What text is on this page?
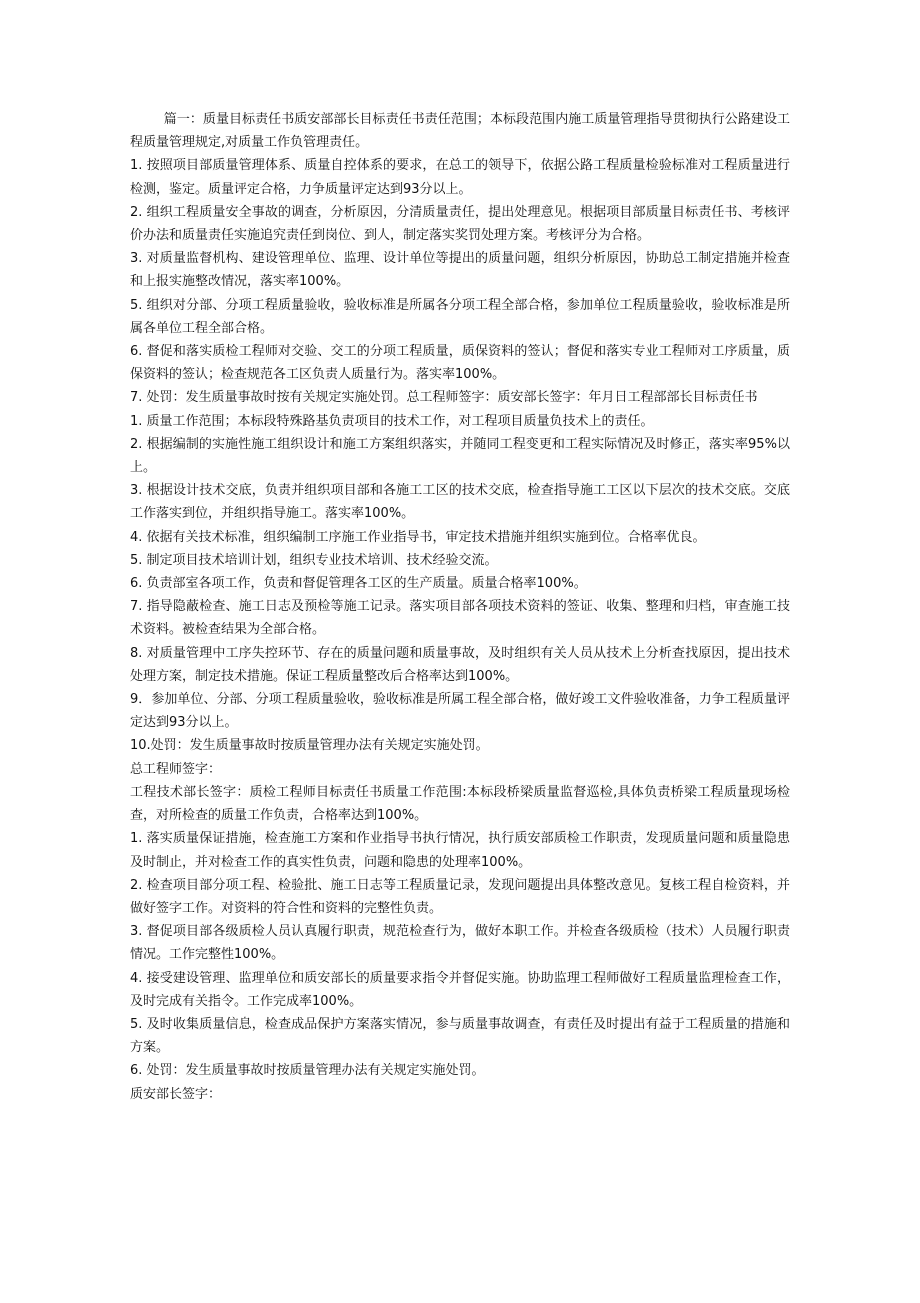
篇一：质量目标责任书质安部部长目标责任书责任范围；本标段范围内施工质量管理指导贯彻执行公路建设工程质量管理规定,对质量工作负管理责任。

1. 按照项目部质量管理体系、质量自控体系的要求，在总工的领导下，依据公路工程质量检验标准对工程质量进行检测，鉴定。质量评定合格，力争质量评定达到93分以上。

2. 组织工程质量安全事故的调查，分析原因，分清质量责任，提出处理意见。根据项目部质量目标责任书、考核评价办法和质量责任实施追究责任到岗位、到人，制定落实奖罚处理方案。考核评分为合格。

3. 对质量监督机构、建设管理单位、监理、设计单位等提出的质量问题，组织分析原因，协助总工制定措施并检查和上报实施整改情况，落实率100%。

5. 组织对分部、分项工程质量验收，验收标准是所属各分项工程全部合格，参加单位工程质量验收，验收标准是所属各单位工程全部合格。

6. 督促和落实质检工程师对交验、交工的分项工程质量，质保资料的签认；督促和落实专业工程师对工序质量，质保资料的签认；检查规范各工区负责人质量行为。落实率100%。

7. 处罚：发生质量事故时按有关规定实施处罚。总工程师签字：质安部长签字：年月日工程部部长目标责任书

1. 质量工作范围；本标段特殊路基负责项目的技术工作，对工程项目质量负技术上的责任。

2. 根据编制的实施性施工组织设计和施工方案组织落实，并随同工程变更和工程实际情况及时修正，落实率95%以上。

3. 根据设计技术交底，负责并组织项目部和各施工工区的技术交底，检查指导施工工区以下层次的技术交底。交底工作落实到位，并组织指导施工。落实率100%。

4. 依据有关技术标准，组织编制工序施工作业指导书，审定技术措施并组织实施到位。合格率优良。

5. 制定项目技术培训计划，组织专业技术培训、技术经验交流。

6. 负责部室各项工作，负责和督促管理各工区的生产质量。质量合格率100%。

7. 指导隐蔽检查、施工日志及预检等施工记录。落实项目部各项技术资料的签证、收集、整理和归档，审查施工技术资料。被检查结果为全部合格。

8. 对质量管理中工序失控环节、存在的质量问题和质量事故，及时组织有关人员从技术上分析查找原因，提出技术处理方案，制定技术措施。保证工程质量整改后合格率达到100%。

9．参加单位、分部、分项工程质量验收，验收标准是所属工程全部合格，做好竣工文件验收准备，力争工程质量评定达到93分以上。

10.处罚：发生质量事故时按质量管理办法有关规定实施处罚。

总工程师签字：

工程技术部长签字：质检工程师目标责任书质量工作范围:本标段桥梁质量监督巡检,具体负责桥梁工程质量现场检查，对所检查的质量工作负责，合格率达到100%。

1. 落实质量保证措施，检查施工方案和作业指导书执行情况，执行质安部质检工作职责，发现质量问题和质量隐患及时制止，并对检查工作的真实性负责，问题和隐患的处理率100%。

2. 检查项目部分项工程、检验批、施工日志等工程质量记录，发现问题提出具体整改意见。复核工程自检资料，并做好签字工作。对资料的符合性和资料的完整性负责。

3. 督促项目部各级质检人员认真履行职责，规范检查行为，做好本职工作。并检查各级质检（技术）人员履行职责情况。工作完整性100%。

4. 接受建设管理、监理单位和质安部长的质量要求指令并督促实施。协助监理工程师做好工程质量监理检查工作，及时完成有关指令。工作完成率100%。

5. 及时收集质量信息，检查成品保护方案落实情况，参与质量事故调查，有责任及时提出有益于工程质量的措施和方案。

6. 处罚：发生质量事故时按质量管理办法有关规定实施处罚。

质安部长签字：
